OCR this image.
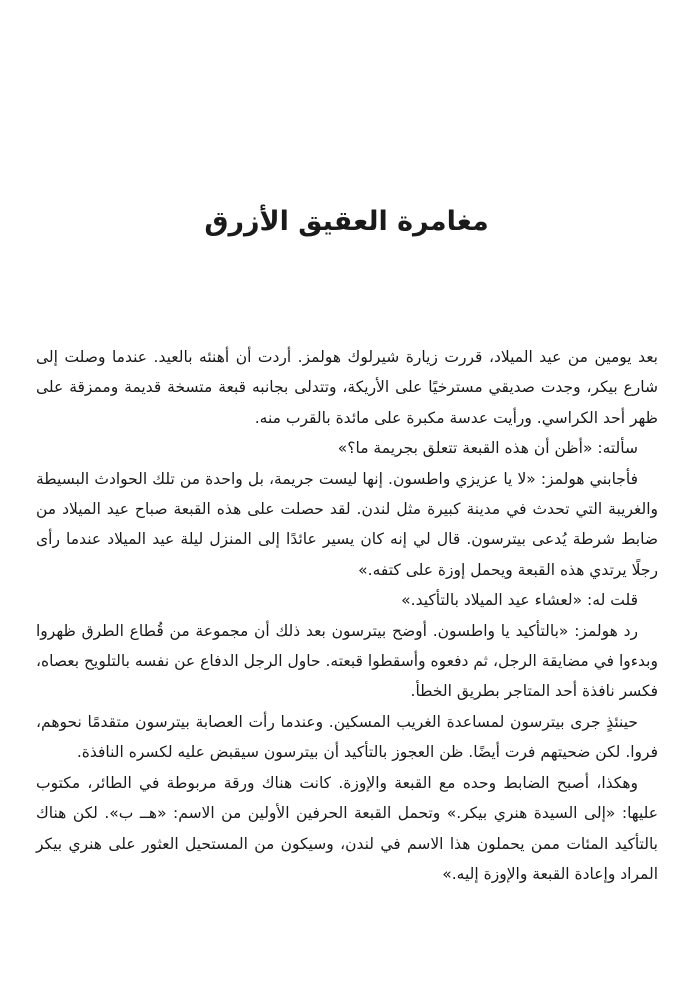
مغامرة العقيق الأزرق

بعد يومين من عيد الميلاد، قررت زيارة شيرلوك هولمز. أردت أن أهنئه بالعيد. عندما وصلت إلى شارع بيكر، وجدت صديقي مسترخيًا على الأريكة، وتتدلى بجانبه قبعة متسخة قديمة وممزقة على ظهر أحد الكراسي. ورأيت عدسة مكبرة على مائدة بالقرب منه.

سألته: «أظن أن هذه القبعة تتعلق بجريمة ما؟»

فأجابني هولمز: «لا يا عزيزي واطسون. إنها ليست جريمة، بل واحدة من تلك الحوادث البسيطة والغريبة التي تحدث في مدينة كبيرة مثل لندن. لقد حصلت على هذه القبعة صباح عيد الميلاد من ضابط شرطة يُدعى بيترسون. قال لي إنه كان يسير عائدًا إلى المنزل ليلة عيد الميلاد عندما رأى رجلًا يرتدي هذه القبعة ويحمل إوزة على كتفه.»

قلت له: «لعشاء عيد الميلاد بالتأكيد.»

رد هولمز: «بالتأكيد يا واطسون. أوضح بيترسون بعد ذلك أن مجموعة من قُطاع الطرق ظهروا وبدءوا في مضايقة الرجل، ثم دفعوه وأسقطوا قبعته. حاول الرجل الدفاع عن نفسه بالتلويح بعصاه، فكسر نافذة أحد المتاجر بطريق الخطأ.

حينئذٍ جرى بيترسون لمساعدة الغريب المسكين. وعندما رأت العصابة بيترسون متقدمًا نحوهم، فروا. لكن ضحيتهم فرت أيضًا. ظن العجوز بالتأكيد أن بيترسون سيقبض عليه لكسره النافذة.

وهكذا، أصبح الضابط وحده مع القبعة والإوزة. كانت هناك ورقة مربوطة في الطائر، مكتوب عليها: «إلى السيدة هنري بيكر.» وتحمل القبعة الحرفين الأولين من الاسم: «هــ ب». لكن هناك بالتأكيد المئات ممن يحملون هذا الاسم في لندن، وسيكون من المستحيل العثور على هنري بيكر المراد وإعادة القبعة والإوزة إليه.»
